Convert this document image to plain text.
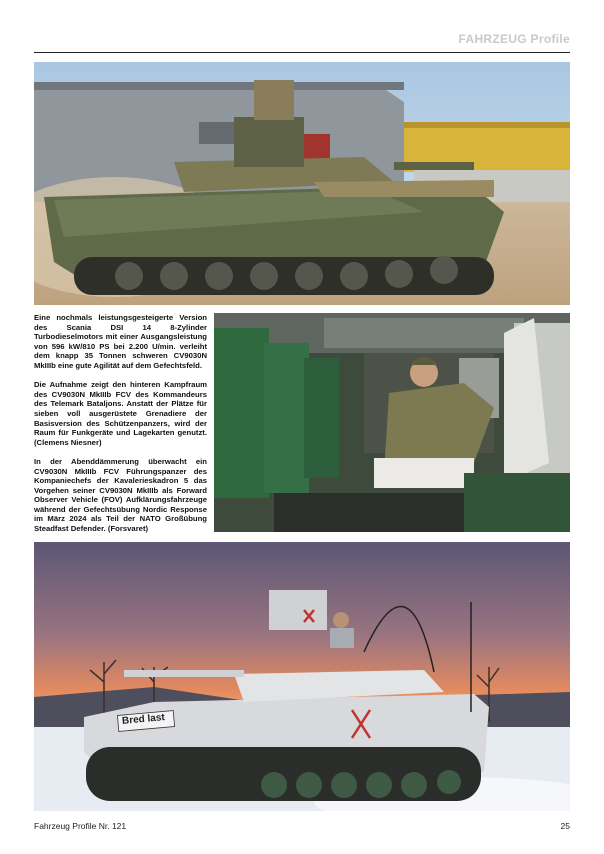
FAHRZEUG Profile

Eine nochmals leistungsgesteigerte Version des Scania DSI 14 8-Zylinder Turbodieselmotors mit einer Ausgangsleistung von 596 kW/810 PS bei 2.200 U/min. verleiht dem knapp 35 Tonnen schweren CV9030N MkIIIb eine gute Agilität auf dem Gefechtsfeld.

Die Aufnahme zeigt den hinteren Kampfraum des CV9030N MkIIIb FCV des Kommandeurs des Telemark Bataljons. Anstatt der Plätze für sieben voll ausgerüstete Grenadiere der Basisversion des Schützenpanzers, wird der Raum für Funkgeräte und Lagekarten genutzt. (Clemens Niesner)

In der Abenddämmerung überwacht ein CV9030N MkIIIb FCV Führungspanzer des Kompaniechefs der Kavalerieskadron 5 das Vorgehen seiner CV9030N MkIIIb als Forward Observer Vehicle (FOV) Aufklärungsfahrzeuge während der Gefechtsübung Nordic Response im März 2024 als Teil der NATO Großübung Steadfast Defender. (Forsvaret)

Bred last
Fahrzeug Profile Nr. 121	25
